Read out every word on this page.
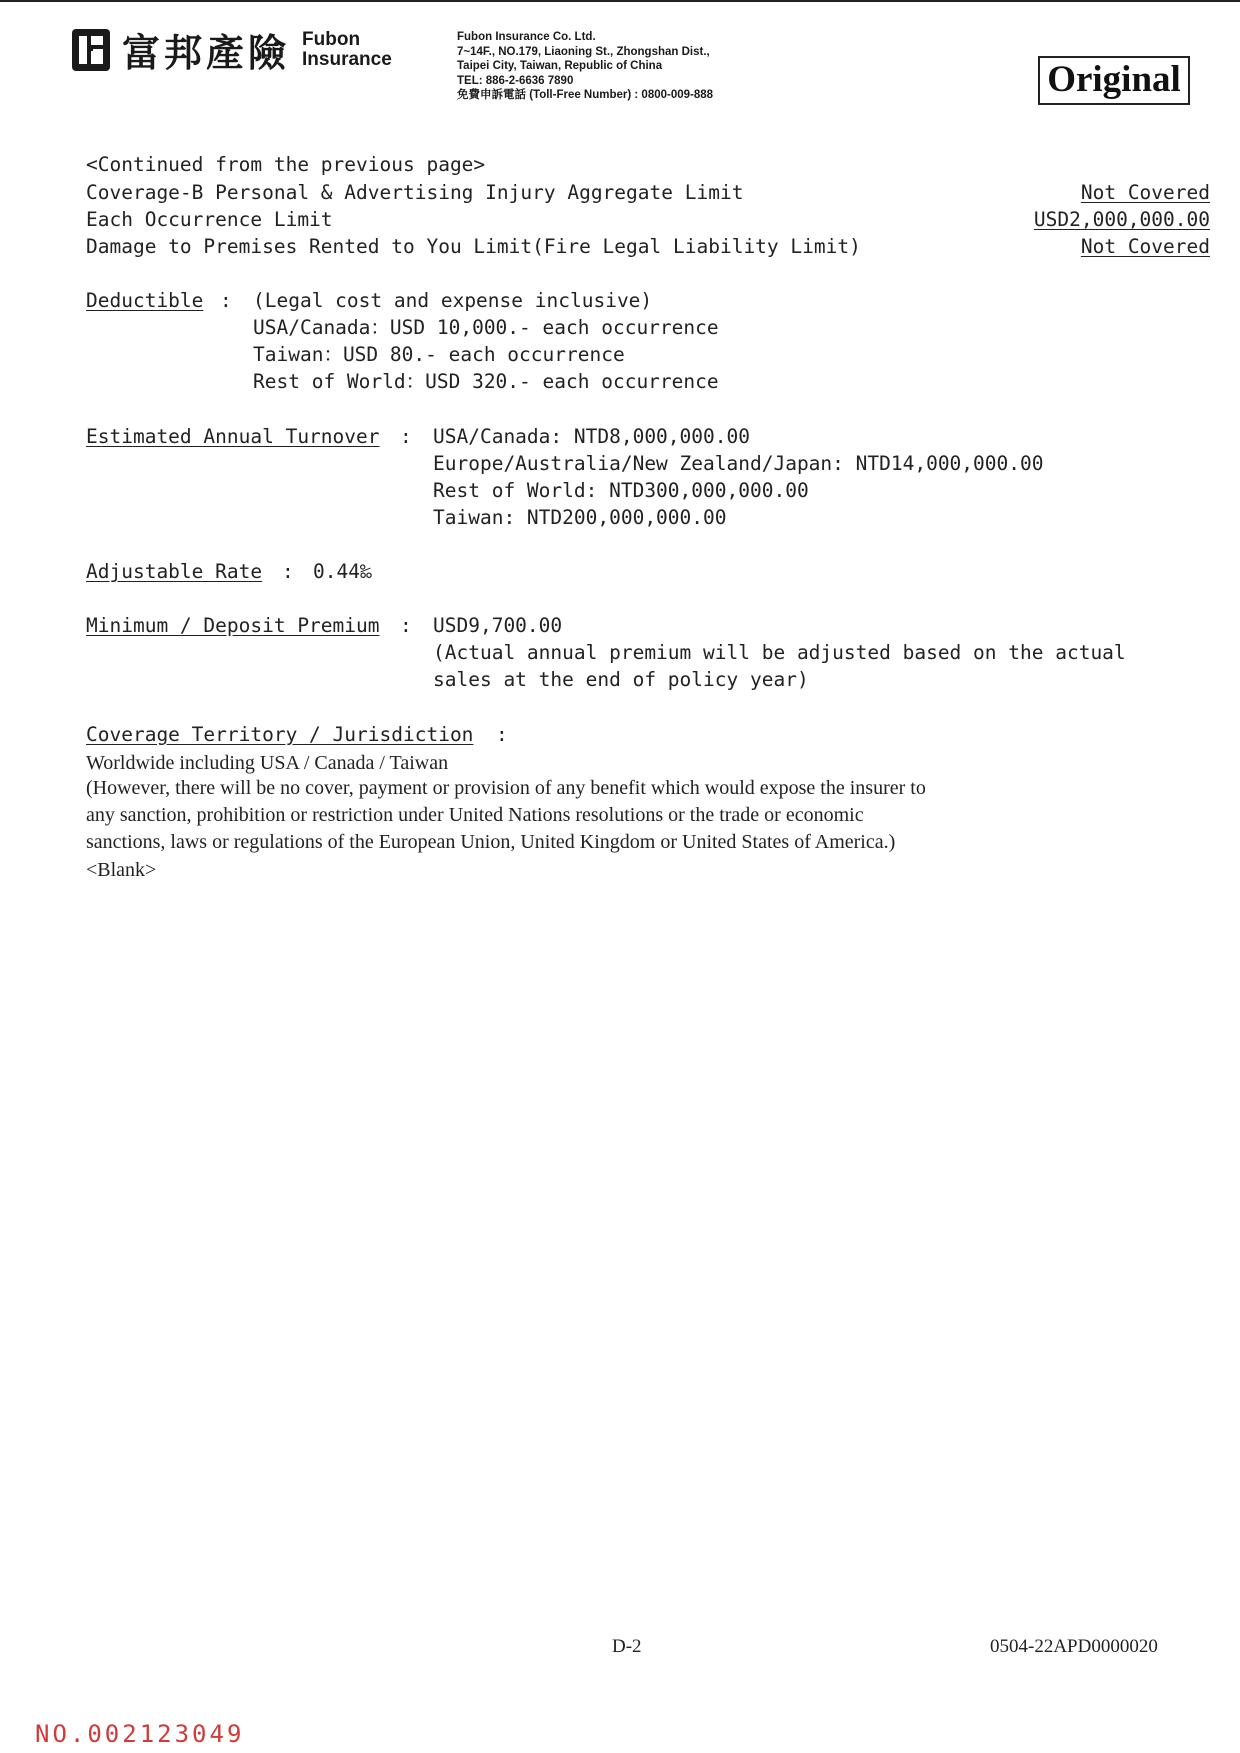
富邦產險 Fubon
Insurance
Fubon Insurance Co. Ltd.
7~14F., NO.179, Liaoning St., Zhongshan Dist.,
Taipei City, Taiwan, Republic of China
TEL: 886-2-6636 7890
免費申訴電話 (Toll-Free Number) : 0800-009-888	Original
<Continued from the previous page>
Coverage-B Personal & Advertising Injury Aggregate Limit	Not Covered
Each Occurrence Limit	USD2,000,000.00
Damage to Premises Rented to You Limit(Fire Legal Liability Limit)	Not Covered
Deductible : (Legal cost and expense inclusive)
USA/Canada：USD 10,000.- each occurrence
Taiwan：USD 80.- each occurrence
Rest of World：USD 320.- each occurrence
Estimated Annual Turnover : USA/Canada: NTD8,000,000.00
Europe/Australia/New Zealand/Japan: NTD14,000,000.00
Rest of World: NTD300,000,000.00
Taiwan: NTD200,000,000.00
Adjustable Rate : 0.44‰
Minimum / Deposit Premium : USD9,700.00
(Actual annual premium will be adjusted based on the actual
sales at the end of policy year)
Coverage Territory / Jurisdiction :
Worldwide including USA / Canada / Taiwan
(However, there will be no cover, payment or provision of any benefit which would expose the insurer to
any sanction, prohibition or restriction under United Nations resolutions or the trade or economic
sanctions, laws or regulations of the European Union, United Kingdom or United States of America.)
<Blank>
D-2	0504-22APD0000020
NO.002123049
